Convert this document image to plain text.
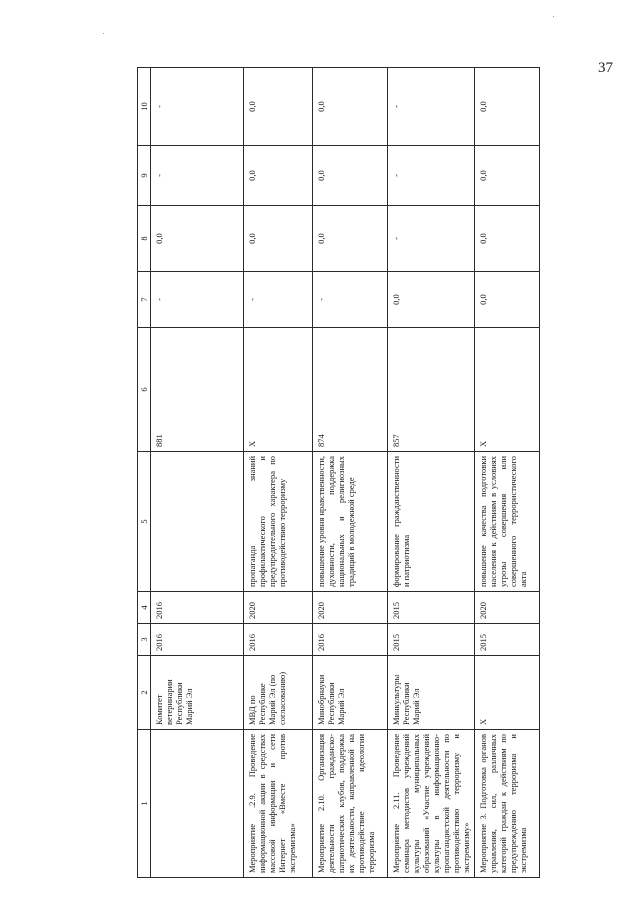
37
1	2	3	4	5	6	7	8	9	10
	Комитет ветеринарии Республики Марий Эл	2016	2016		881	-	0,0	-	-
Мероприятие .2.9. Проведение информационной акции в средствах массовой информации и сети Интернет «Вместе против экстремизма»	МВД по Республике Марий Эл (по согласованию)	2016	2020	пропаганда знаний профилактического и предупредительного характера по противодействию терроризму	X	-	0,0	0,0	0,0
Мероприятие 2.10. Организация деятельности гражданско-патриотических клубов, поддержка их деятельности, направленной на противодействие идеологии терроризма	Минобрнауки Республики Марий Эл	2016	2020	повышение уровня нравственности, духовности, поддержка национальных и религиозных традиций в молодежной среде	874	-	0,0	0,0	0,0
Мероприятие 2.11. Проведение семинара методистов учреждений культуры муниципальных образований «Участие учреждений культуры в информационно-пропагандистской деятельности по противодействию терроризму и экстремизму»	Минкультуры Республики Марий Эл	2015	2015	формирование гражданственности и патриотизма	857	0,0	-	-	-
Мероприятие 3. Подготовка органов управления, сил, различных категорий граждан к действиям по предупреждению терроризма и экстремизма	X	2015	2020	повышение качества подготовки населения к действиям в условиях угрозы совершения или совершенного террористического акта	X	0,0	0,0	0,0	0,0
